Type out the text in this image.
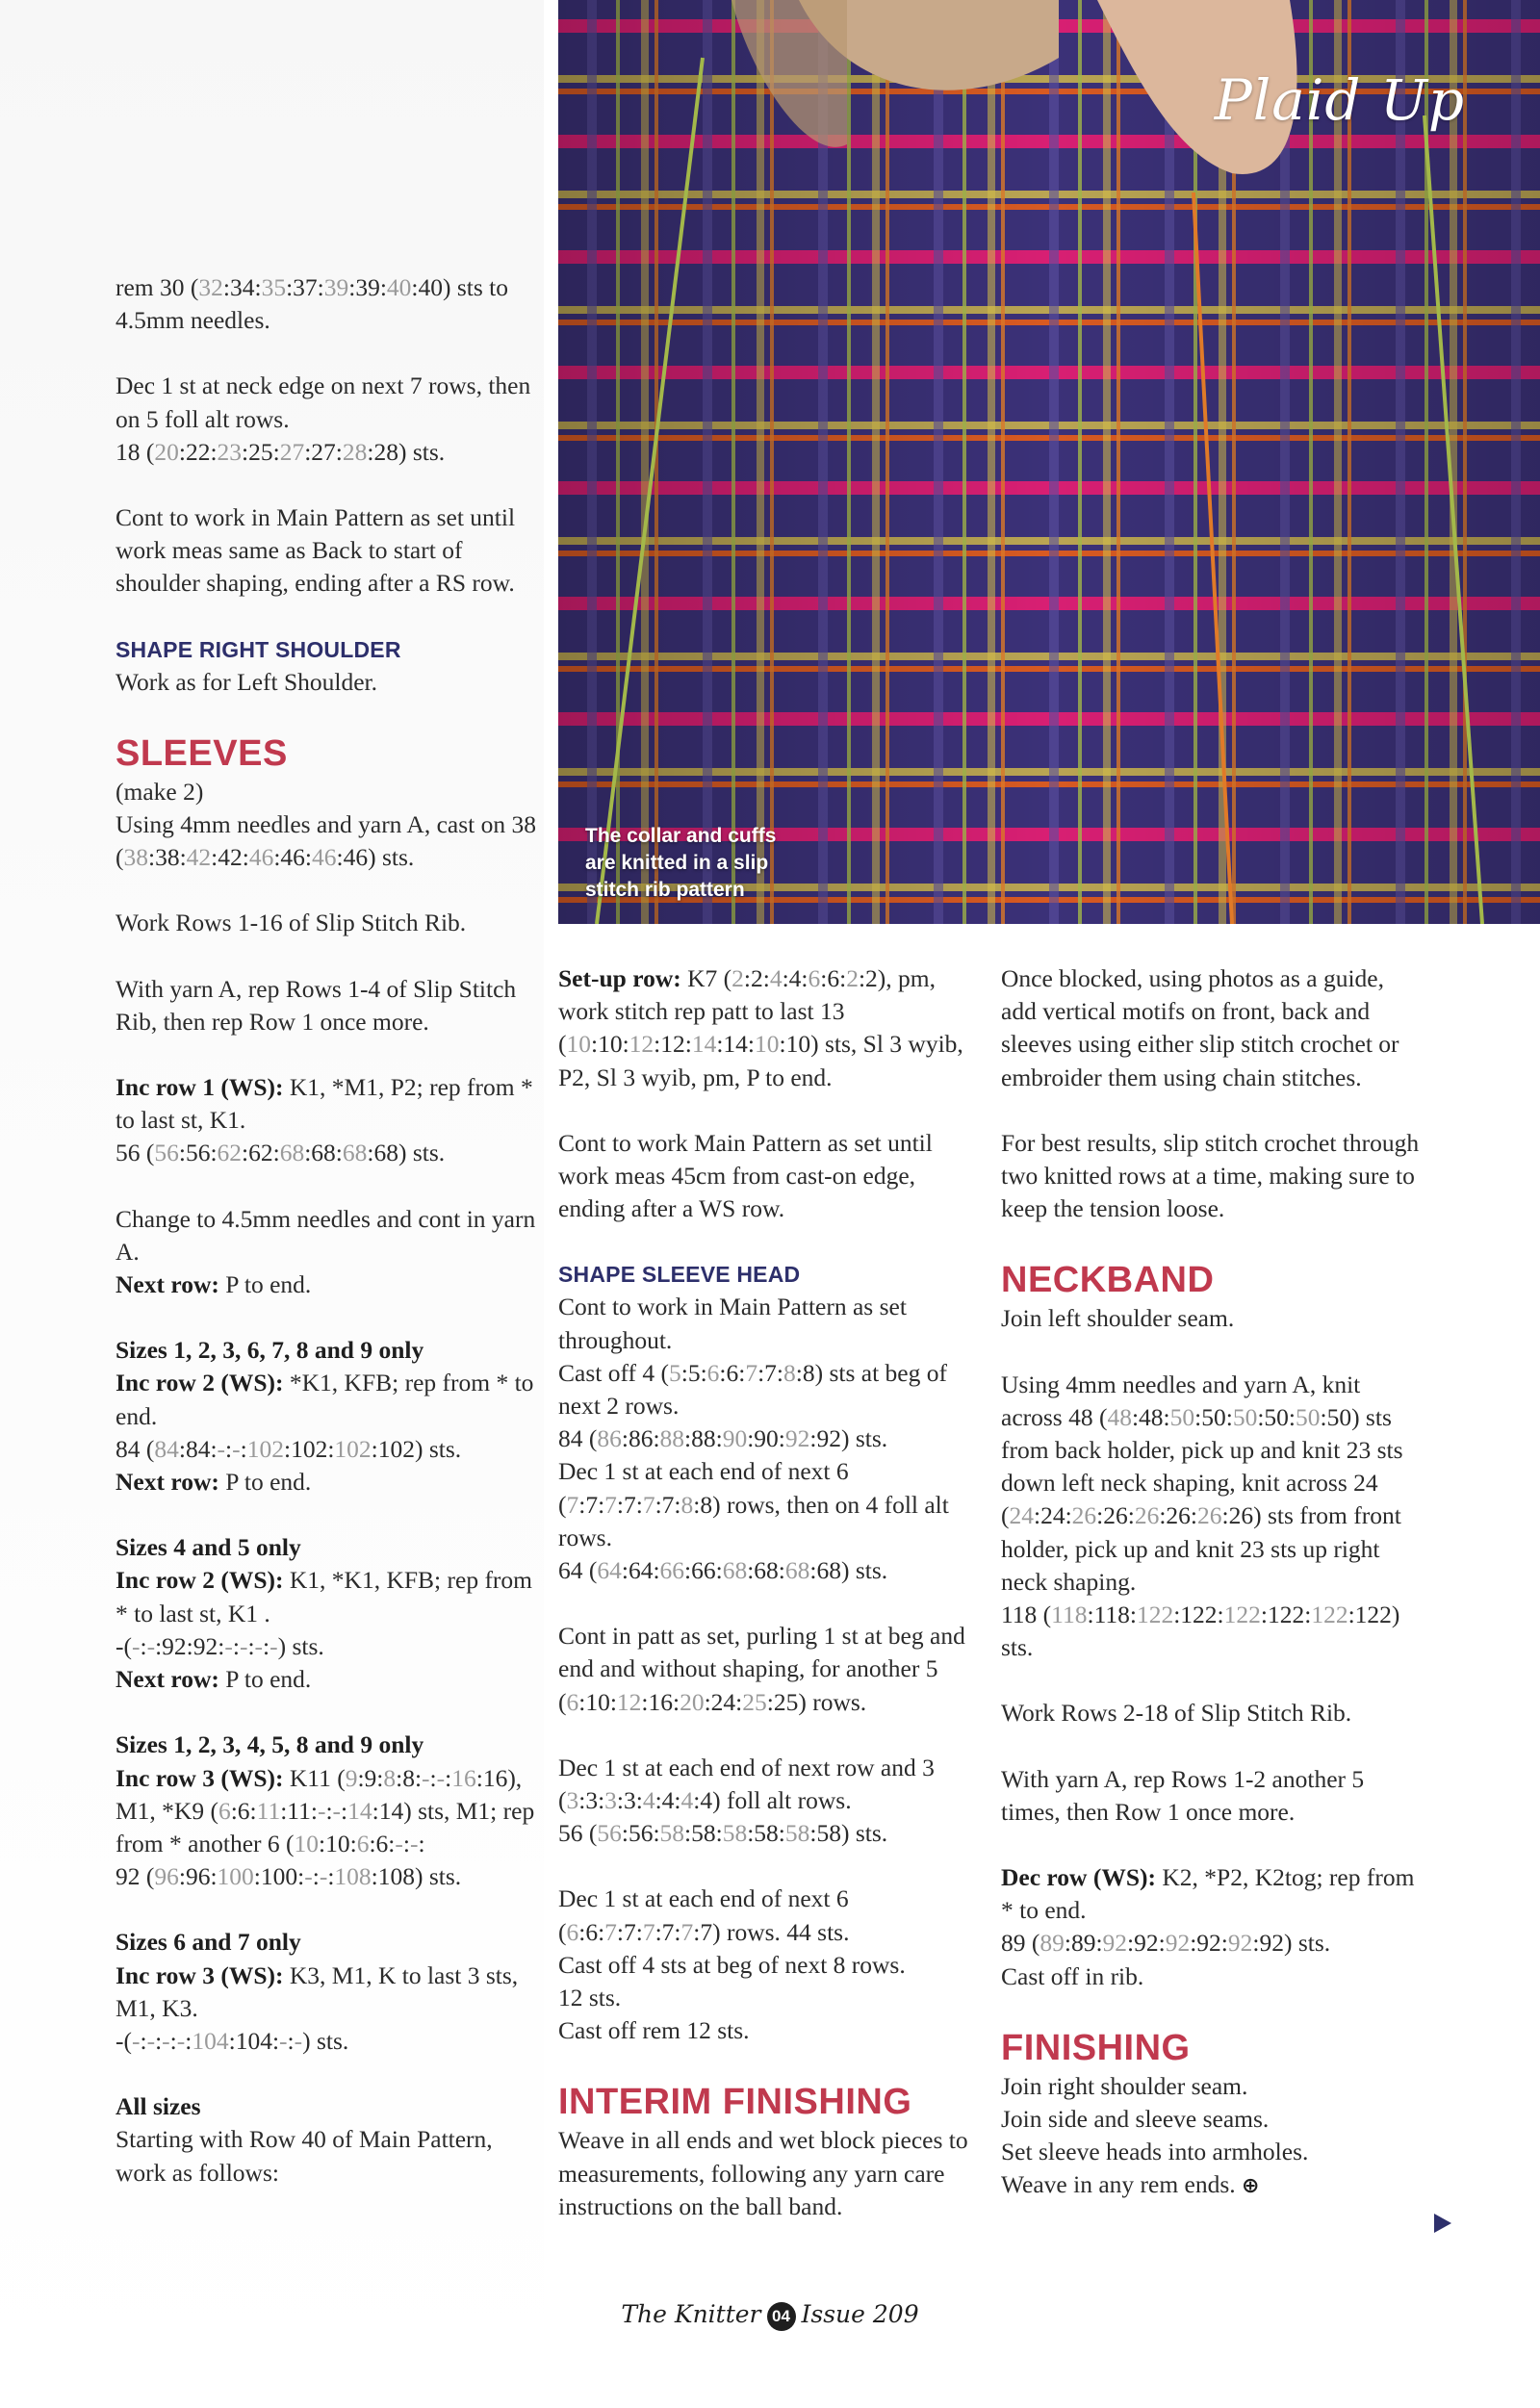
Plaid Up
The collar and cuffs are knitted in a slip stitch rib pattern

rem 30 (32:34:35:37:39:39:40:40) sts to 4.5mm needles.

Dec 1 st at neck edge on next 7 rows, then on 5 foll alt rows.
18 (20:22:23:25:27:27:28:28) sts.

Cont to work in Main Pattern as set until work meas same as Back to start of shoulder shaping, ending after a RS row.

SHAPE RIGHT SHOULDER

Work as for Left Shoulder.

SLEEVES

(make 2)
Using 4mm needles and yarn A, cast on 38 (38:38:42:42:46:46:46:46) sts.

Work Rows 1-16 of Slip Stitch Rib.

With yarn A, rep Rows 1-4 of Slip Stitch Rib, then rep Row 1 once more.

Inc row 1 (WS): K1, *M1, P2; rep from * to last st, K1.
56 (56:56:62:62:68:68:68:68) sts.

Change to 4.5mm needles and cont in yarn A.
Next row: P to end.

Sizes 1, 2, 3, 6, 7, 8 and 9 only
Inc row 2 (WS): *K1, KFB; rep from * to end.
84 (84:84:-:-:102:102:102:102) sts.
Next row: P to end.

Sizes 4 and 5 only
Inc row 2 (WS): K1, *K1, KFB; rep from * to last st, K1 .
-(-:-:92:92:-:-:-:-) sts.
Next row: P to end.

Sizes 1, 2, 3, 4, 5, 8 and 9 only
Inc row 3 (WS): K11 (9:9:8:8:-:-:16:16), M1, *K9 (6:6:11:11:-:-:14:14) sts, M1; rep from * another 6 (10:10:6:6:-:-:
92 (96:96:100:100:-:-:108:108) sts.

Sizes 6 and 7 only
Inc row 3 (WS): K3, M1, K to last 3 sts, M1, K3.
-(-:-:-:-:104:104:-:-) sts.

All sizes
Starting with Row 40 of Main Pattern, work as follows:

Set-up row: K7 (2:2:4:4:6:6:2:2), pm, work stitch rep patt to last 13 (10:10:12:12:14:14:10:10) sts, Sl 3 wyib, P2, Sl 3 wyib, pm, P to end.

Cont to work Main Pattern as set until work meas 45cm from cast-on edge, ending after a WS row.

SHAPE SLEEVE HEAD

Cont to work in Main Pattern as set throughout.
Cast off 4 (5:5:6:6:7:7:8:8) sts at beg of next 2 rows.
84 (86:86:88:88:90:90:92:92) sts.
Dec 1 st at each end of next 6 (7:7:7:7:7:7:8:8) rows, then on 4 foll alt rows.
64 (64:64:66:66:68:68:68:68) sts.

Cont in patt as set, purling 1 st at beg and end and without shaping, for another 5 (6:10:12:16:20:24:25:25) rows.

Dec 1 st at each end of next row and 3 (3:3:3:3:4:4:4:4) foll alt rows.
56 (56:56:58:58:58:58:58:58) sts.

Dec 1 st at each end of next 6 (6:6:7:7:7:7:7:7) rows. 44 sts.
Cast off 4 sts at beg of next 8 rows.
12 sts.
Cast off rem 12 sts.

INTERIM FINISHING

Weave in all ends and wet block pieces to measurements, following any yarn care instructions on the ball band.

Once blocked, using photos as a guide, add vertical motifs on front, back and sleeves using either slip stitch crochet or embroider them using chain stitches.

For best results, slip stitch crochet through two knitted rows at a time, making sure to keep the tension loose.

NECKBAND

Join left shoulder seam.

Using 4mm needles and yarn A, knit across 48 (48:48:50:50:50:50:50:50) sts from back holder, pick up and knit 23 sts down left neck shaping, knit across 24 (24:24:26:26:26:26:26:26) sts from front holder, pick up and knit 23 sts up right neck shaping.
118 (118:118:122:122:122:122:122:122) sts.

Work Rows 2-18 of Slip Stitch Rib.

With yarn A, rep Rows 1-2 another 5 times, then Row 1 once more.

Dec row (WS): K2, *P2, K2tog; rep from * to end.
89 (89:89:92:92:92:92:92:92) sts.
Cast off in rib.

FINISHING

Join right shoulder seam.
Join side and sleeve seams.
Set sleeve heads into armholes.
Weave in any rem ends. ⊕

The Knitter 04 Issue 209
